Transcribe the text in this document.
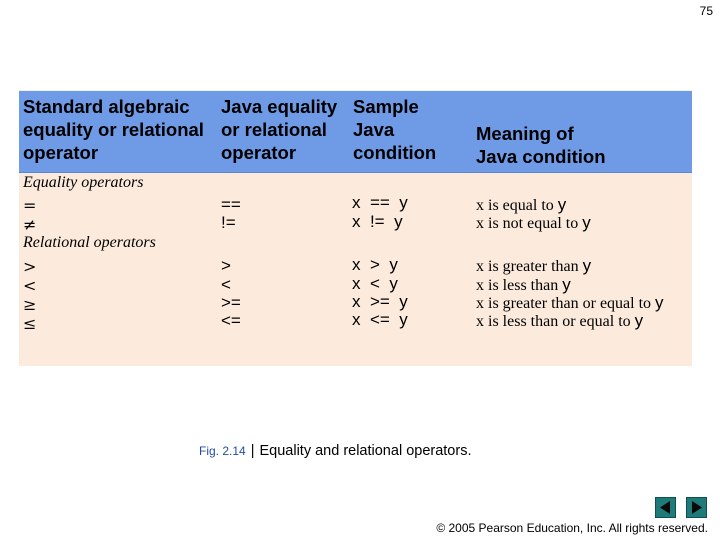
75
Standard algebraic
equality or relational
operator
Java equality
or relational
operator
Sample
Java
condition
Meaning of
Java condition
Equality operators
=
≠
==
!=
x == y
x != y
x is equal to y
x is not equal to y
Relational operators
>
<
≥
≤
>
<
>=
<=
x > y
x < y
x >= y
x <= y
x is greater than y
x is less than y
x is greater than or equal to y
x is less than or equal to y
Fig. 2.14 | Equality and relational operators.
© 2005 Pearson Education, Inc. All rights reserved.
